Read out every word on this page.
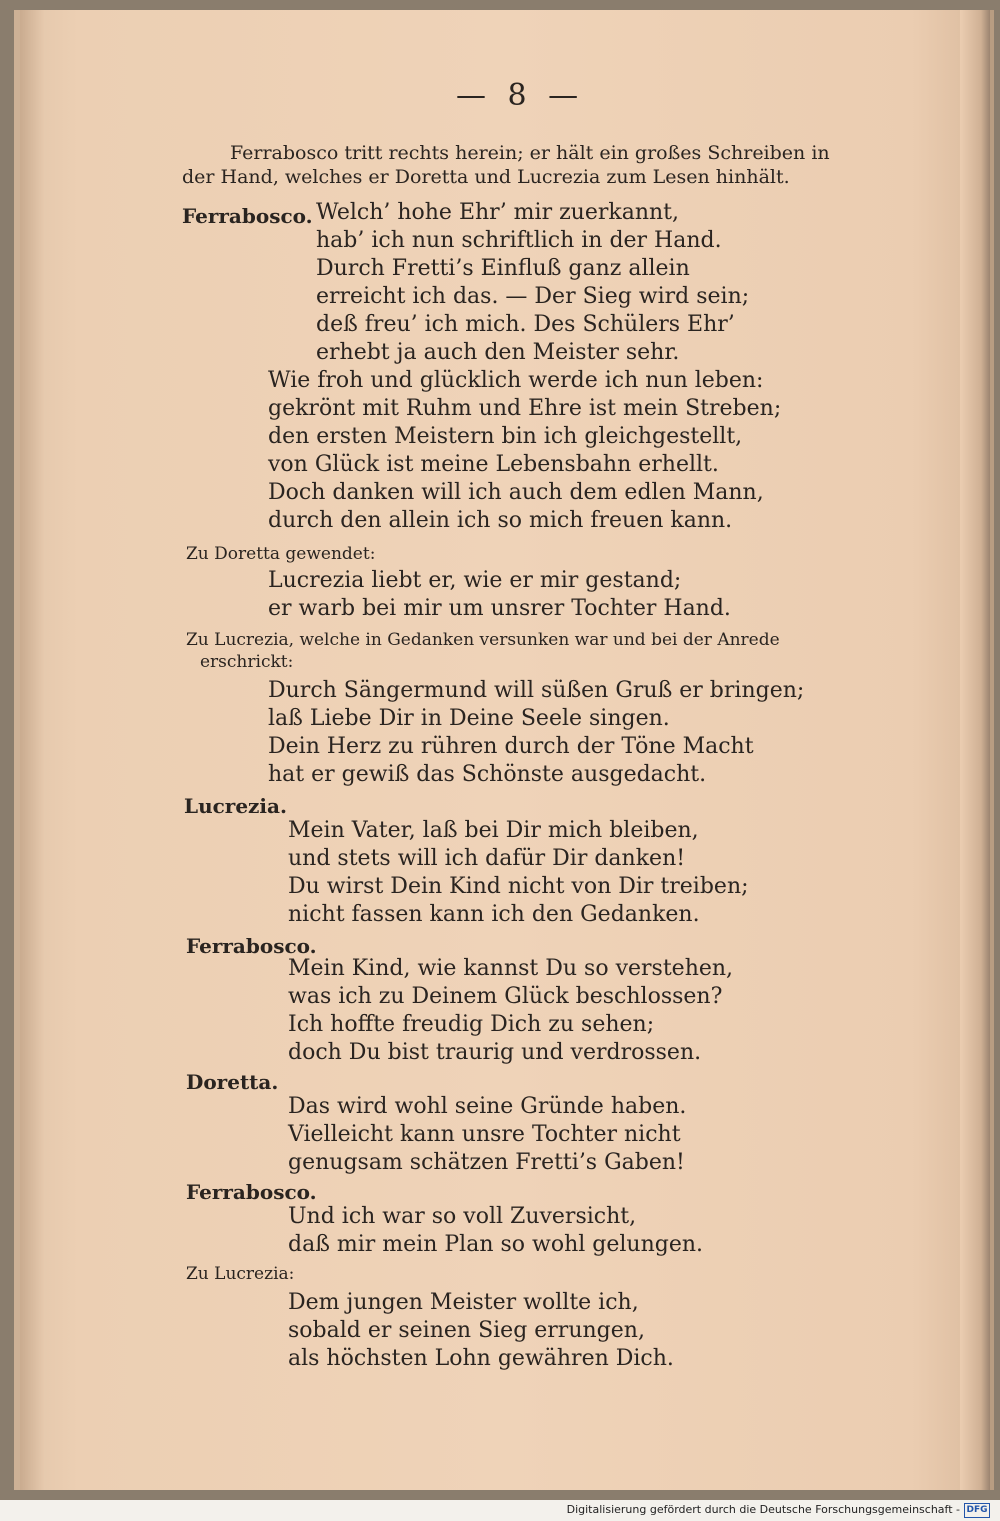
— 8 —
Ferrabosco tritt rechts herein; er hält ein großes Schreiben in
der Hand, welches er Doretta und Lucrezia zum Lesen hinhält.
Ferrabosco. Welch’ hohe Ehr’ mir zuerkannt,
hab’ ich nun schriftlich in der Hand.
Durch Fretti’s Einfluß ganz allein
erreicht ich das. — Der Sieg wird sein;
deß freu’ ich mich. Des Schülers Ehr’
erhebt ja auch den Meister sehr.
Wie froh und glücklich werde ich nun leben:
gekrönt mit Ruhm und Ehre ist mein Streben;
den ersten Meistern bin ich gleichgestellt,
von Glück ist meine Lebensbahn erhellt.
Doch danken will ich auch dem edlen Mann,
durch den allein ich so mich freuen kann.
Zu Doretta gewendet:
Lucrezia liebt er, wie er mir gestand;
er warb bei mir um unsrer Tochter Hand.
Zu Lucrezia, welche in Gedanken versunken war und bei der Anrede
erschrickt:
Durch Sängermund will süßen Gruß er bringen;
laß Liebe Dir in Deine Seele singen.
Dein Herz zu rühren durch der Töne Macht
hat er gewiß das Schönste ausgedacht.
Lucrezia.
Mein Vater, laß bei Dir mich bleiben,
und stets will ich dafür Dir danken!
Du wirst Dein Kind nicht von Dir treiben;
nicht fassen kann ich den Gedanken.
Ferrabosco.
Mein Kind, wie kannst Du so verstehen,
was ich zu Deinem Glück beschlossen?
Ich hoffte freudig Dich zu sehen;
doch Du bist traurig und verdrossen.
Doretta.
Das wird wohl seine Gründe haben.
Vielleicht kann unsre Tochter nicht
genugsam schätzen Fretti’s Gaben!
Ferrabosco.
Und ich war so voll Zuversicht,
daß mir mein Plan so wohl gelungen.
Zu Lucrezia:
Dem jungen Meister wollte ich,
sobald er seinen Sieg errungen,
als höchsten Lohn gewähren Dich.
Digitalisierung gefördert durch die Deutsche Forschungsgemeinschaft - DFG
